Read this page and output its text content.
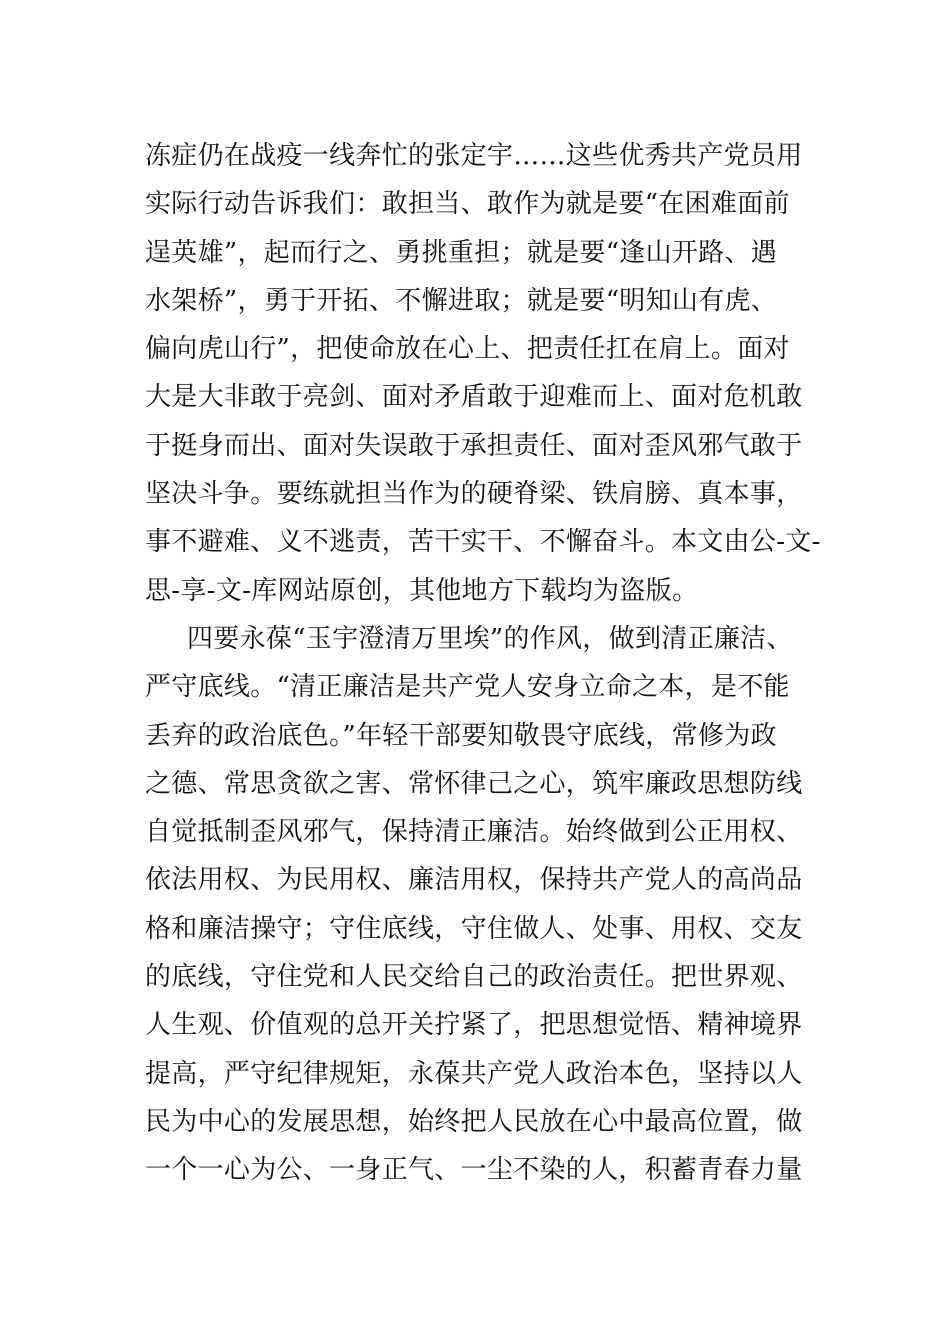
冻症仍在战疫一线奔忙的张定宇……这些优秀共产党员用
实际行动告诉我们：敢担当、敢作为就是要“在困难面前
逞英雄”，起而行之、勇挑重担；就是要“逢山开路、遇
水架桥”，勇于开拓、不懈进取；就是要“明知山有虎、
偏向虎山行”，把使命放在心上、把责任扛在肩上。面对
大是大非敢于亮剑、面对矛盾敢于迎难而上、面对危机敢
于挺身而出、面对失误敢于承担责任、面对歪风邪气敢于
坚决斗争。要练就担当作为的硬脊梁、铁肩膀、真本事，
事不避难、义不逃责，苦干实干、不懈奋斗。本文由公-文-
思-享-文-库网站原创，其他地方下载均为盗版。
四要永葆“玉宇澄清万里埃”的作风，做到清正廉洁、
严守底线。“清正廉洁是共产党人安身立命之本，是不能
丢弃的政治底色。”年轻干部要知敬畏守底线，常修为政
之德、常思贪欲之害、常怀律己之心，筑牢廉政思想防线
自觉抵制歪风邪气，保持清正廉洁。始终做到公正用权、
依法用权、为民用权、廉洁用权，保持共产党人的高尚品
格和廉洁操守；守住底线，守住做人、处事、用权、交友
的底线，守住党和人民交给自己的政治责任。把世界观、
人生观、价值观的总开关拧紧了，把思想觉悟、精神境界
提高，严守纪律规矩，永葆共产党人政治本色，坚持以人
民为中心的发展思想，始终把人民放在心中最高位置，做
一个一心为公、一身正气、一尘不染的人，积蓄青春力量
